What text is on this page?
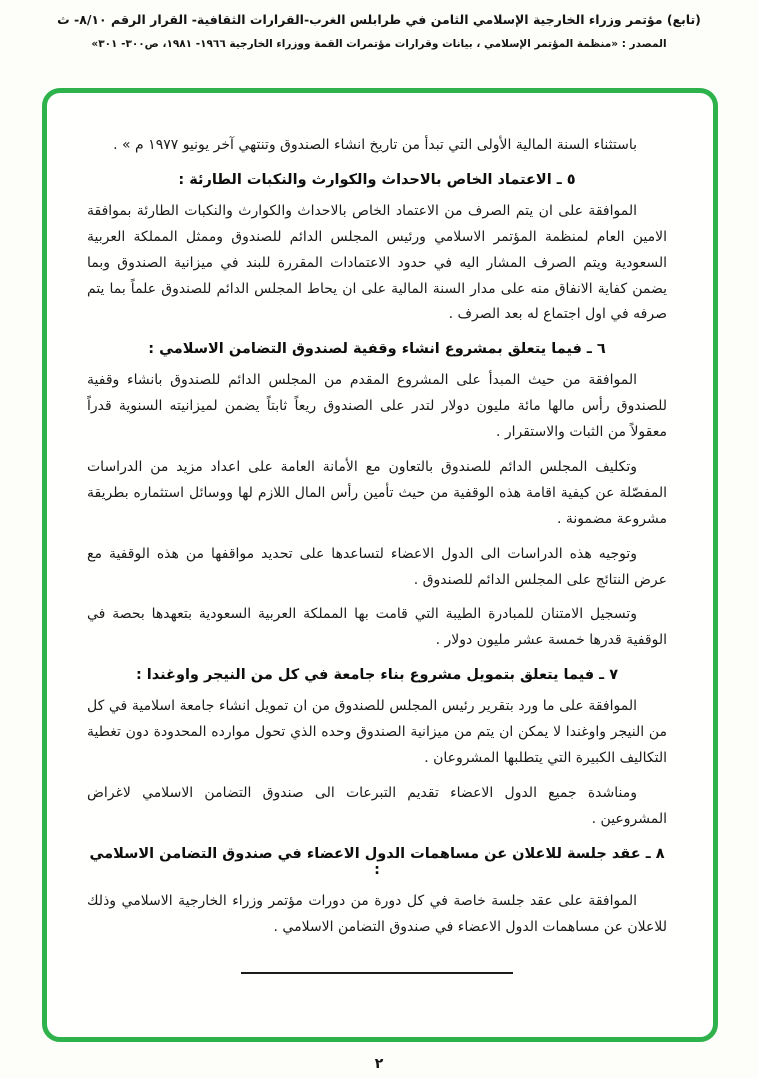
(تابع) مؤتمر وزراء الخارجية الإسلامي الثامن في طرابلس الغرب-القرارات الثقافية- القرار الرقم ٨/١٠- ث
المصدر : «منظمة المؤتمر الإسلامي ، بيانات وقرارات مؤتمرات القمة ووزراء الخارجية ١٩٦٦- ١٩٨١، ص٣٠٠- ٣٠١»
باستثناء السنة المالية الأولى التي تبدأ من تاريخ انشاء الصندوق وتنتهي آخر يونيو ١٩٧٧ م » .
٥ ـ الاعتماد الخاص بالاحداث والكوارث والنكبات الطارئة :
الموافقة على ان يتم الصرف من الاعتماد الخاص بالاحداث والكوارث والنكبات الطارئة بموافقة الامين العام لمنظمة المؤتمر الاسلامي ورئيس المجلس الدائم للصندوق وممثل المملكة العربية السعودية ويتم الصرف المشار اليه في حدود الاعتمادات المقررة للبند في ميزانية الصندوق وبما يضمن كفاية الانفاق منه على مدار السنة المالية على ان يحاط المجلس الدائم للصندوق علماً بما يتم صرفه في اول اجتماع له بعد الصرف .
٦ ـ فيما يتعلق بمشروع انشاء وقفية لصندوق التضامن الاسلامي :
الموافقة من حيث المبدأ على المشروع المقدم من المجلس الدائم للصندوق بانشاء وقفية للصندوق رأس مالها مائة مليون دولار لتدر على الصندوق ريعاً ثابتاً يضمن لميزانيته السنوية قدراً معقولاً من الثبات والاستقرار .
وتكليف المجلس الدائم للصندوق بالتعاون مع الأمانة العامة على اعداد مزيد من الدراسات المفصّلة عن كيفية اقامة هذه الوقفية من حيث تأمين رأس المال اللازم لها ووسائل استثماره بطريقة مشروعة مضمونة .
وتوجيه هذه الدراسات الى الدول الاعضاء لتساعدها على تحديد مواقفها من هذه الوقفية مع عرض النتائج على المجلس الدائم للصندوق .
وتسجيل الامتنان للمبادرة الطيبة التي قامت بها المملكة العربية السعودية بتعهدها بحصة في الوقفية قدرها خمسة عشر مليون دولار .
٧ ـ فيما يتعلق بتمويل مشروع بناء جامعة في كل من النيجر واوغندا :
الموافقة على ما ورد بتقرير رئيس المجلس للصندوق من ان تمويل انشاء جامعة اسلامية في كل من النيجر واوغندا لا يمكن ان يتم من ميزانية الصندوق وحده الذي تحول موارده المحدودة دون تغطية التكاليف الكبيرة التي يتطلبها المشروعان .
ومناشدة جميع الدول الاعضاء تقديم التبرعات الى صندوق التضامن الاسلامي لاغراض المشروعين .
٨ ـ عقد جلسة للاعلان عن مساهمات الدول الاعضاء في صندوق التضامن الاسلامي :
الموافقة على عقد جلسة خاصة في كل دورة من دورات مؤتمر وزراء الخارجية الاسلامي وذلك للاعلان عن مساهمات الدول الاعضاء في صندوق التضامن الاسلامي .
٢
